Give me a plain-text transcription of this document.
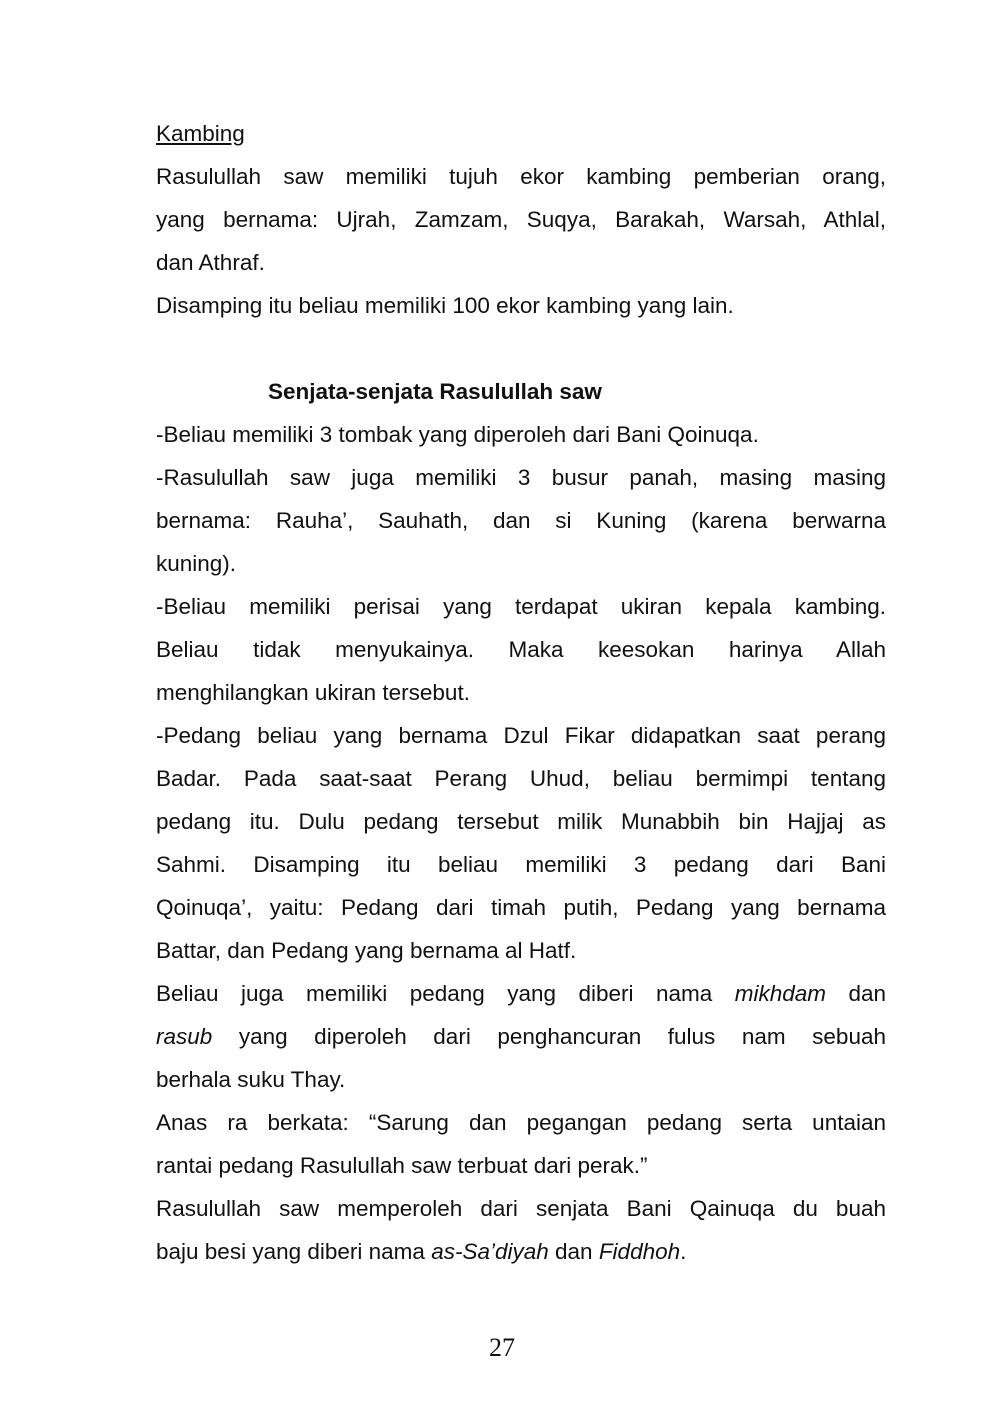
Kambing
Rasulullah saw memiliki tujuh ekor kambing pemberian orang,
yang bernama: Ujrah, Zamzam, Suqya, Barakah, Warsah, Athlal,
dan Athraf.
Disamping itu beliau memiliki 100 ekor kambing yang lain.
Senjata-senjata Rasulullah saw
-Beliau memiliki 3 tombak yang diperoleh dari Bani Qoinuqa.
-Rasulullah saw juga memiliki 3 busur panah, masing masing
bernama: Rauha’, Sauhath, dan si Kuning (karena berwarna
kuning).
-Beliau memiliki perisai yang terdapat ukiran kepala kambing.
Beliau tidak menyukainya. Maka keesokan harinya Allah
menghilangkan ukiran tersebut.
-Pedang beliau yang bernama Dzul Fikar didapatkan saat perang
Badar. Pada saat-saat Perang Uhud, beliau bermimpi tentang
pedang itu. Dulu pedang tersebut milik Munabbih bin Hajjaj as
Sahmi. Disamping itu beliau memiliki 3 pedang dari Bani
Qoinuqa’, yaitu: Pedang dari timah putih, Pedang yang bernama
Battar, dan Pedang yang bernama al Hatf.
Beliau juga memiliki pedang yang diberi nama mikhdam dan
rasub yang diperoleh dari penghancuran fulus nam sebuah
berhala suku Thay.
Anas ra berkata: “Sarung dan pegangan pedang serta untaian
rantai pedang Rasulullah saw terbuat dari perak.”
Rasulullah saw memperoleh dari senjata Bani Qainuqa du buah
baju besi yang diberi nama as-Sa’diyah dan Fiddhoh.
27
